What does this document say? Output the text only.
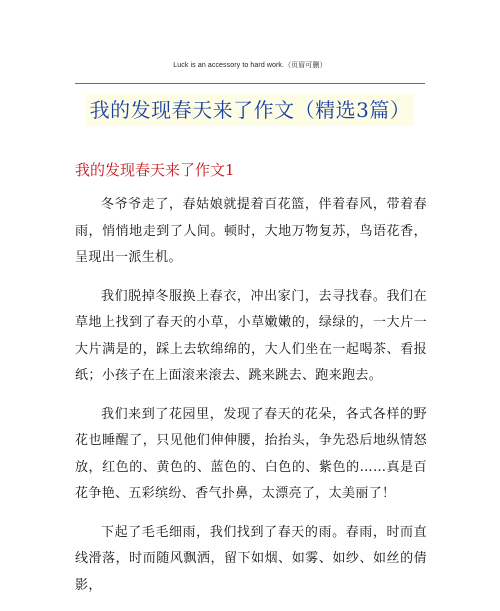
Luck is an accessory to hard work.（页眉可删）
我的发现春天来了作文（精选3篇）
我的发现春天来了作文1

冬爷爷走了，春姑娘就提着百花篮，伴着春风，带着春雨，悄悄地走到了人间。顿时，大地万物复苏，鸟语花香，呈现出一派生机。

我们脱掉冬服换上春衣，冲出家门，去寻找春。我们在草地上找到了春天的小草，小草嫩嫩的，绿绿的，一大片一大片满是的，踩上去软绵绵的，大人们坐在一起喝茶、看报纸；小孩子在上面滚来滚去、跳来跳去、跑来跑去。

我们来到了花园里，发现了春天的花朵，各式各样的野花也睡醒了，只见他们伸伸腰，抬抬头，争先恐后地纵情怒放，红色的、黄色的、蓝色的、白色的、紫色的……真是百花争艳、五彩缤纷、香气扑鼻，太漂亮了，太美丽了！

下起了毛毛细雨，我们找到了春天的雨。春雨，时而直线滑落，时而随风飘洒，留下如烟、如雾、如纱、如丝的倩影，
